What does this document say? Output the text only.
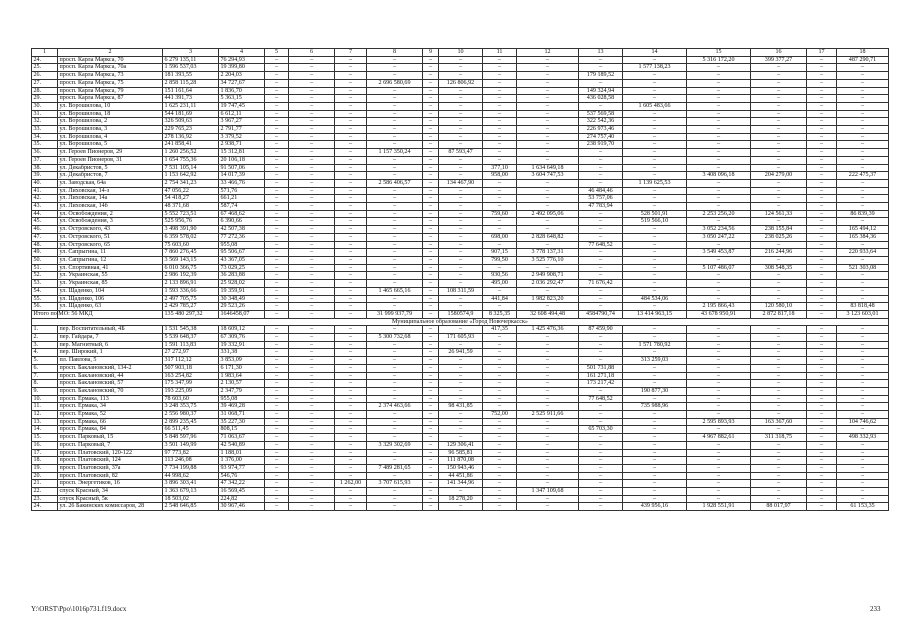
1	2	3	4	5	6	7	8	9	10	11	12	13	14	15	16	17	18
24.	просп. Карла Маркса, 70	6 279 135,11	76 294,93	–	–	–	–	–	–	–	–	–	–	5 316 172,20	399 377,27	–	487 290,71
25.	просп. Карла Маркса, 70а	1 596 537,03	19 399,80	–	–	–	–	–	–	–	–	–	1 577 138,23	–	–	–	–
26.	просп. Карла Маркса, 73	181 393,55	2 204,03	–	–	–	–	–	–	–	–	179 189,52	–	–	–	–	–
27.	просп. Карла Маркса, 75	2 858 115,28	34 727,67	–	–	–	2 696 580,69	–	126 806,92	–	–	–	–	–	–	–	–
28.	просп. Карла Маркса, 79	151 161,64	1 836,70	–	–	–	–	–	–	–	–	149 324,94	–	–	–	–	–
29.	просп. Карла Маркса, 87	441 391,73	5 363,15	–	–	–	–	–	–	–	–	436 028,58	–	–	–	–	–
30.	ул. Ворошилова, 10	1 625 231,11	19 747,45	–	–	–	–	–	–	–	–	–	1 605 483,66	–	–	–	–
31.	ул. Ворошилова, 18	544 181,69	6 612,11	–	–	–	–	–	–	–	–	537 569,58	–	–	–	–	–
32.	ул. Ворошилова, 2	326 509,63	3 967,27	–	–	–	–	–	–	–	–	322 542,36	–	–	–	–	–
33.	ул. Ворошилова, 3	229 765,23	2 791,77	–	–	–	–	–	–	–	–	226 973,46	–	–	–	–	–
34.	ул. Ворошилова, 4	278 136,92	3 379,52	–	–	–	–	–	–	–	–	274 757,40	–	–	–	–	–
35.	ул. Ворошилова, 5	241 858,41	2 938,71	–	–	–	–	–	–	–	–	238 919,70	–	–	–	–	–
36.	ул. Героев Пионеров, 29	1 260 256,52	15 312,81	–	–	–	1 157 350,24	–	87 593,47	–	–	–	–	–	–	–	–
37.	ул. Героев Пионеров, 31	1 654 755,36	20 106,18	–	–	–	–	–	–	–	–	–	–	–	–	–	–
38.	ул. Декабристов, 5	7 531 105,14	91 507,06	–	–	–	–	–	–	377,10	1 634 649,18	–	–	–	–	–	–
39.	ул. Декабристов, 7	1 153 642,92	14 017,39	–	–	–	–	–	–	958,00	3 604 747,53	–	–	3 408 096,18	204 279,00	–	222 475,37
40.	ул. Заводская, 64а	2 754 341,23	33 466,76	–	–	–	2 586 406,57	–	134 467,90	–	–	–	1 139 625,53	–	–	–	–
41.	ул. Лиховская, 14-з	47 056,22	571,76	–	–	–	–	–	–	–	–	46 484,46	–	–	–	–	–
42.	ул. Лиховская, 14а	54 418,27	661,21	–	–	–	–	–	–	–	–	53 757,06	–	–	–	–	–
43.	ул. Лиховская, 14б	48 371,68	587,74	–	–	–	–	–	–	–	–	47 783,94	–	–	–	–	–
44.	ул. Освобождения, 2	5 552 723,51	67 468,62	–	–	–	–	–	–	759,60	2 492 095,06	–	528 501,91	2 253 256,20	124 561,33	–	86 839,39
45.	ул. Освобождения, 3	525 956,76	6 390,66	–	–	–	–	–	–	–	–	–	519 566,10	–	–	–	–
46.	ул. Островского, 43	3 498 391,90	42 507,38	–	–	–	–	–	–	–	–	–	–	3 052 234,56	238 155,84	–	165 494,12
47.	ул. Островского, 51	6 359 578,02	77 272,36	–	–	–	–	–	–	698,00	2 828 648,82	–	–	3 050 247,22	238 025,26	–	165 384,36
48.	ул. Островского, 65	75 603,60	955,08	–	–	–	–	–	–	–	–	77 648,52	–	–	–	–	–
49.	ул. Сапрыгина, 11	7 860 276,45	95 506,67	–	–	–	–	–	–	907,15	3 778 137,31	–	–	3 549 453,87	216 244,96	–	220 933,64
50.	ул. Сапрыгина, 12	3 569 143,15	43 367,05	–	–	–	–	–	–	799,50	3 525 776,10	–	–	–	–	–	–
51.	ул. Спортивная, 41	6 010 366,75	73 029,25	–	–	–	–	–	–	–	–	–	–	5 107 486,07	308 548,35	–	521 303,08
52.	ул. Украинская, 55	2 986 192,39	36 283,88	–	–	–	–	–	–	930,56	2 949 908,71	–	–	–	–	–	–
53.	ул. Украинская, 85	2 133 896,91	25 928,02	–	–	–	–	–	–	495,00	2 036 292,47	71 676,42	–	–	–	–	–
54.	ул. Щаденко, 104	1 593 336,66	19 359,91	–	–	–	1 465 665,16	–	108 311,59	–	–	–	–	–	–	–	–
55.	ул. Щаденко, 106	2 497 705,75	30 348,49	–	–	–	–	–	–	441,84	1 982 823,20	–	484 534,06	–	–	–	–
56.	ул. Щаденко, 63	2 429 785,27	29 523,26	–	–	–	–	–	–	–	–	–	–	2 195 866,43	120 580,10	–	83 818,48
Итого по МО: 56 МКД		135 480 297,32	1646458,07	–	–	–	31 999 937,79	–	1580574,9	8 325,35	32 608 494,48	4584790,74	13 414 963,15	43 678 950,91	2 872 817,18	–	3 123 603,01
Муниципальное образование «Город Новочеркасск»																	
1.	пер. Воспитательный, 4Б	1 531 545,38	18 609,12	–	–	–	–	–	–	417,35	1 425 476,36	87 459,90	–	–	–	–	–
2.	пер. Гайдара, 7	5 539 648,37	67 309,76	–	–	–	5 300 732,68	–	171 605,93	–	–	–	–	–	–	–	–
3.	пер. Магнитный, 6	1 591 113,83	19 332,91	–	–	–	–	–	–	–	–	–	1 571 780,92	–	–	–	–
4.	пер. Широкий, 1	27 272,97	331,38	–	–	–	–	–	26 941,59	–	–	–	–	–	–	–	–
5.	пл. Павлова, 5	317 112,12	3 853,09	–	–	–	–	–	–	–	–	–	313 259,03	–	–	–	–
6.	просп. Баклановский, 134-2	507 903,18	6 171,30	–	–	–	–	–	–	–	–	501 731,88	–	–	–	–	–
7.	просп. Баклановский, 44	163 254,82	1 983,64	–	–	–	–	–	–	–	–	161 271,18	–	–	–	–	–
8.	просп. Баклановский, 57	175 347,99	2 130,57	–	–	–	–	–	–	–	–	173 217,42	–	–	–	–	–
9.	просп. Баклановский, 70	193 225,09	2 347,79	–	–	–	–	–	–	–	–	–	190 877,30	–	–	–	–
10.	просп. Ермака, 113	78 603,60	955,08	–	–	–	–	–	–	–	–	77 648,52	–	–	–	–	–
11.	просп. Ермака, 34	3 248 353,75	39 469,28	–	–	–	2 374 463,66	–	98 431,85	–	–	–	735 988,96	–	–	–	–
12.	просп. Ермака, 52	2 556 980,37	31 068,71	–	–	–	–	–	–	752,00	2 525 911,66	–	–	–	–	–	–
13.	просп. Ермака, 66	2 899 235,45	35 227,30	–	–	–	–	–	–	–	–	–	–	2 595 893,93	163 367,60	–	104 746,62
14.	просп. Ермака, 84	66 511,45	808,15	–	–	–	–	–	–	–	–	65 703,30	–	–	–	–	–
15.	просп. Парковый, 15	5 848 597,96	71 063,67	–	–	–	–	–	–	–	–	–	–	4 967 882,61	311 318,75	–	498 332,93
16.	просп. Парковый, 7	3 501 149,99	42 540,89	–	–	–	3 329 302,69	–	129 306,41	–	–	–	–	–	–	–	–
17.	просп. Платовский, 120-122	97 773,82	1 188,01	–	–	–	–	–	96 585,81	–	–	–	–	–	–	–	–
18.	просп. Платовский, 124	113 246,08	1 376,00	–	–	–	–	–	111 870,08	–	–	–	–	–	–	–	–
19.	просп. Платовский, 37а	7 734 199,88	93 974,77	–	–	–	7 489 281,65	–	150 943,46	–	–	–	–	–	–	–	–
20.	просп. Платовский, 82	44 998,62	546,76	–	–	–	–	–	44 451,86	–	–	–	–	–	–	–	–
21.	просп. Энергетиков, 16	3 896 303,41	47 342,22	–	–	1 262,00	3 707 615,93	–	141 344,96	–	–	–	–	–	–	–	–
22.	спуск Красный, 34	1 363 679,13	16 569,45	–	–	–	–	–	–	–	1 347 109,68	–	–	–	–	–	–
23.	спуск Красный, 5к	18 503,02	224,82	–	–	–	–	–	18 278,20	–	–	–	–	–	–	–	–
24.	ул. 26 Бакинских комиссаров, 28	2 548 646,85	30 967,46	–	–	–	–	–	–	–	–	–	439 956,16	1 928 551,91	88 017,97	–	61 153,35
Y:\ORST\Ppo\1016p731.f19.docx	233
